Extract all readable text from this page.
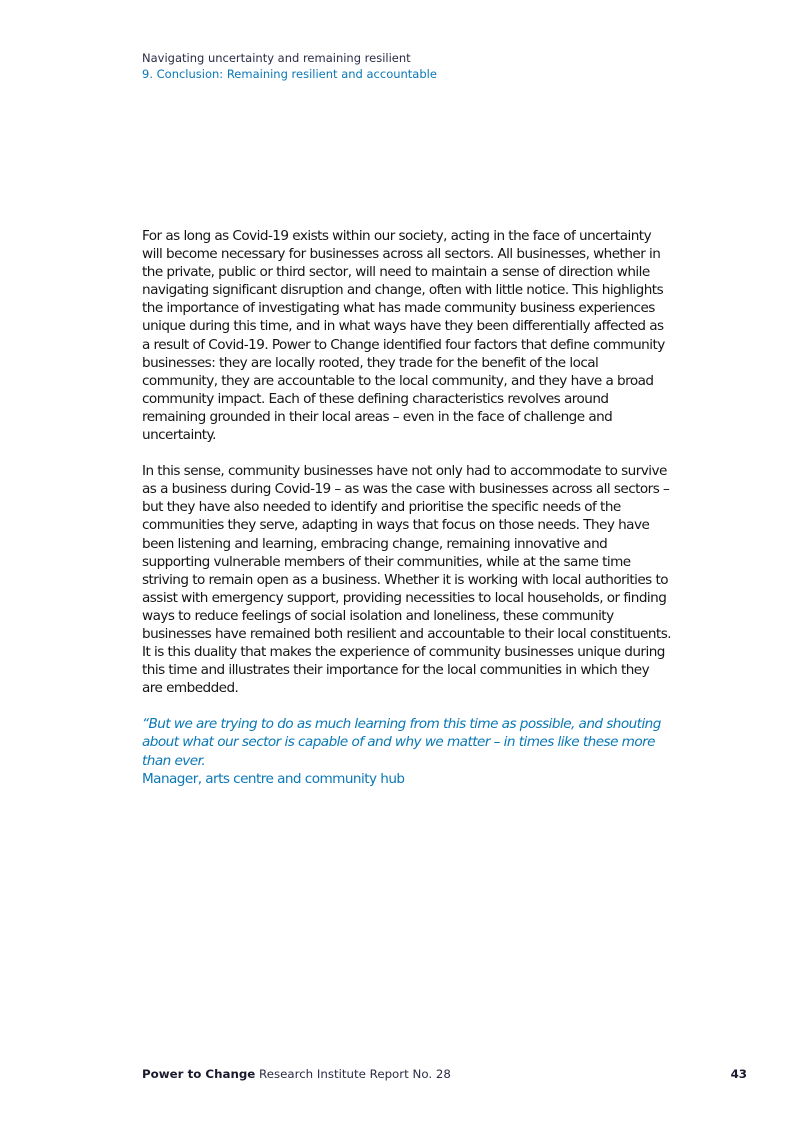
Navigating uncertainty and remaining resilient
9. Conclusion: Remaining resilient and accountable

For as long as Covid-19 exists within our society, acting in the face of uncertainty will become necessary for businesses across all sectors. All businesses, whether in the private, public or third sector, will need to maintain a sense of direction while navigating significant disruption and change, often with little notice. This highlights the importance of investigating what has made community business experiences unique during this time, and in what ways have they been differentially affected as a result of Covid-19. Power to Change identified four factors that define community businesses: they are locally rooted, they trade for the benefit of the local community, they are accountable to the local community, and they have a broad community impact. Each of these defining characteristics revolves around remaining grounded in their local areas – even in the face of challenge and uncertainty.

In this sense, community businesses have not only had to accommodate to survive as a business during Covid-19 – as was the case with businesses across all sectors – but they have also needed to identify and prioritise the specific needs of the communities they serve, adapting in ways that focus on those needs. They have been listening and learning, embracing change, remaining innovative and supporting vulnerable members of their communities, while at the same time striving to remain open as a business. Whether it is working with local authorities to assist with emergency support, providing necessities to local households, or finding ways to reduce feelings of social isolation and loneliness, these community businesses have remained both resilient and accountable to their local constituents. It is this duality that makes the experience of community businesses unique during this time and illustrates their importance for the local communities in which they are embedded.

“But we are trying to do as much learning from this time as possible, and shouting about what our sector is capable of and why we matter – in times like these more than ever.
Manager, arts centre and community hub
Power to Change Research Institute Report No. 28	43
